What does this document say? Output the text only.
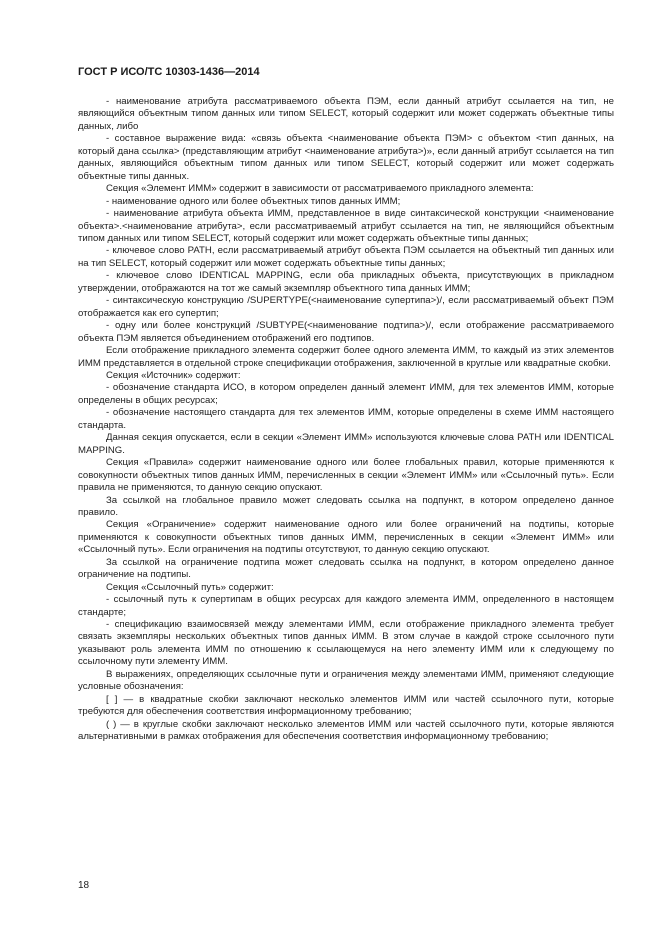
ГОСТ Р ИСО/ТС 10303-1436—2014

- наименование атрибута рассматриваемого объекта ПЭМ, если данный атрибут ссылается на тип, не являющийся объектным типом данных или типом SELECT, который содержит или может содержать объектные типы данных, либо

- составное выражение вида: «связь объекта <наименование объекта ПЭМ> с объектом <тип данных, на который дана ссылка> (представляющим атрибут <наименование атрибута>)», если данный атрибут ссылается на тип данных, являющийся объектным типом данных или типом SELECT, который содержит или может содержать объектные типы данных.

Секция «Элемент ИММ» содержит в зависимости от рассматриваемого прикладного элемента:

- наименование одного или более объектных типов данных ИММ;

- наименование атрибута объекта ИММ, представленное в виде синтаксической конструкции <наименование объекта>.<наименование атрибута>, если рассматриваемый атрибут ссылается на тип, не являющийся объектным типом данных или типом SELECT, который содержит или может содержать объектные типы данных;

- ключевое слово PATH, если рассматриваемый атрибут объекта ПЭМ ссылается на объектный тип данных или на тип SELECT, который содержит или может содержать объектные типы данных;

- ключевое слово IDENTICAL MAPPING, если оба прикладных объекта, присутствующих в прикладном утверждении, отображаются на тот же самый экземпляр объектного типа данных ИММ;

- синтаксическую конструкцию /SUPERTYPE(<наименование супертипа>)/, если рассматриваемый объект ПЭМ отображается как его супертип;

- одну или более конструкций /SUBTYPE(<наименование подтипа>)/, если отображение рассматриваемого объекта ПЭМ является объединением отображений его подтипов.

Если отображение прикладного элемента содержит более одного элемента ИММ, то каждый из этих элементов ИММ представляется в отдельной строке спецификации отображения, заключенной в круглые или квадратные скобки.

Секция «Источник» содержит:

- обозначение стандарта ИСО, в котором определен данный элемент ИММ, для тех элементов ИММ, которые определены в общих ресурсах;

- обозначение настоящего стандарта для тех элементов ИММ, которые определены в схеме ИММ настоящего стандарта.

Данная секция опускается, если в секции «Элемент ИММ» используются ключевые слова PATH или IDENTICAL MAPPING.

Секция «Правила» содержит наименование одного или более глобальных правил, которые применяются к совокупности объектных типов данных ИММ, перечисленных в секции «Элемент ИММ» или «Ссылочный путь». Если правила не применяются, то данную секцию опускают.

За ссылкой на глобальное правило может следовать ссылка на подпункт, в котором определено данное правило.

Секция «Ограничение» содержит наименование одного или более ограничений на подтипы, которые применяются к совокупности объектных типов данных ИММ, перечисленных в секции «Элемент ИММ» или «Ссылочный путь». Если ограничения на подтипы отсутствуют, то данную секцию опускают.

За ссылкой на ограничение подтипа может следовать ссылка на подпункт, в котором определено данное ограничение на подтипы.

Секция «Ссылочный путь» содержит:

- ссылочный путь к супертипам в общих ресурсах для каждого элемента ИММ, определенного в настоящем стандарте;

- спецификацию взаимосвязей между элементами ИММ, если отображение прикладного элемента требует связать экземпляры нескольких объектных типов данных ИММ. В этом случае в каждой строке ссылочного пути указывают роль элемента ИММ по отношению к ссылающемуся на него элементу ИММ или к следующему по ссылочному пути элементу ИММ.

В выражениях, определяющих ссылочные пути и ограничения между элементами ИММ, применяют следующие условные обозначения:

[ ] — в квадратные скобки заключают несколько элементов ИММ или частей ссылочного пути, которые требуются для обеспечения соответствия информационному требованию;

( ) — в круглые скобки заключают несколько элементов ИММ или частей ссылочного пути, которые являются альтернативными в рамках отображения для обеспечения соответствия информационному требованию;

18
